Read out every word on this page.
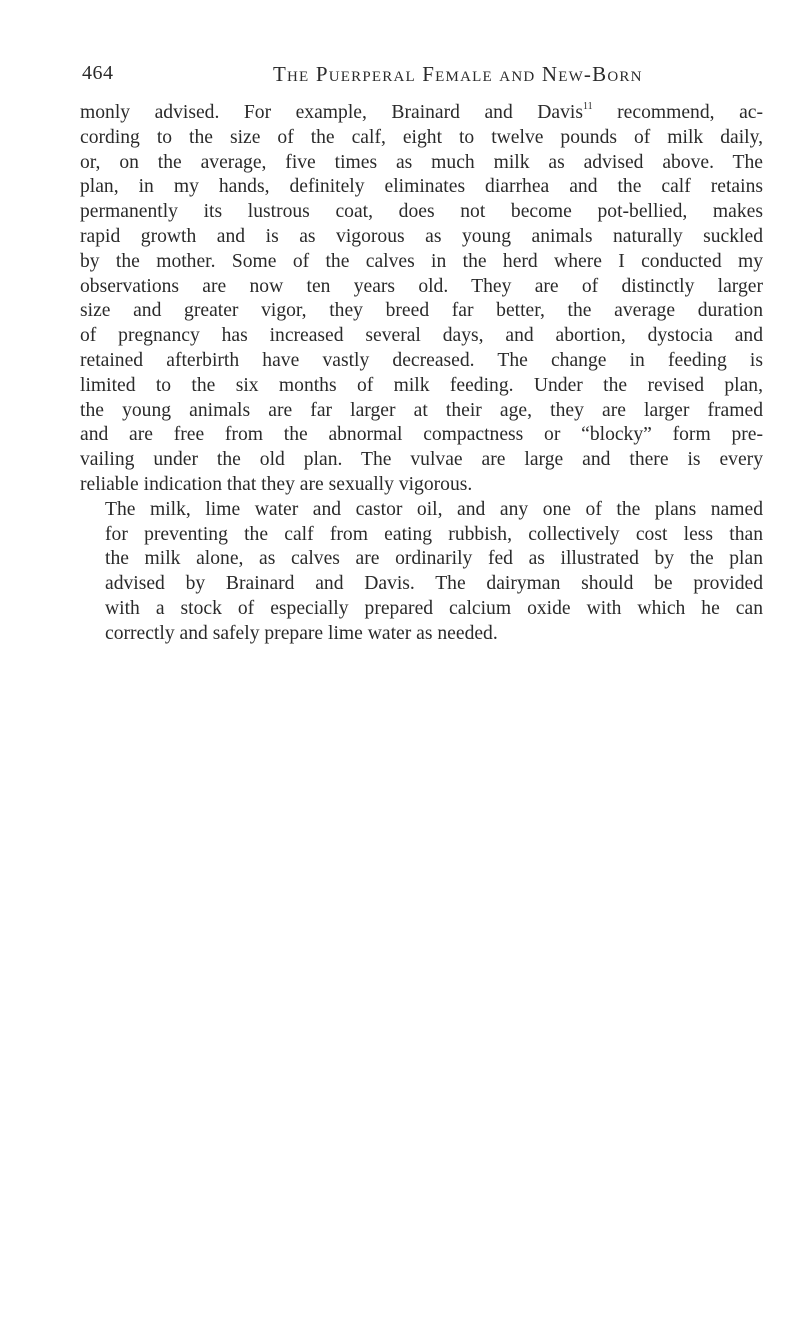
464	The Puerperal Female and New-Born

monly advised. For example, Brainard and Davis$^{11}$ recommend, ac-
cording to the size of the calf, eight to twelve pounds of milk daily,
or, on the average, five times as much milk as advised above. The
plan, in my hands, definitely eliminates diarrhea and the calf retains
permanently its lustrous coat, does not become pot-bellied, makes
rapid growth and is as vigorous as young animals naturally suckled
by the mother. Some of the calves in the herd where I conducted my
observations are now ten years old. They are of distinctly larger
size and greater vigor, they breed far better, the average duration
of pregnancy has increased several days, and abortion, dystocia and
retained afterbirth have vastly decreased. The change in feeding is
limited to the six months of milk feeding. Under the revised plan,
the young animals are far larger at their age, they are larger framed
and are free from the abnormal compactness or “blocky” form pre-
vailing under the old plan. The vulvae are large and there is every
reliable indication that they are sexually vigorous.

The milk, lime water and castor oil, and any one of the plans named
for preventing the calf from eating rubbish, collectively cost less than
the milk alone, as calves are ordinarily fed as illustrated by the plan
advised by Brainard and Davis. The dairyman should be provided
with a stock of especially prepared calcium oxide with which he can
correctly and safely prepare lime water as needed.
